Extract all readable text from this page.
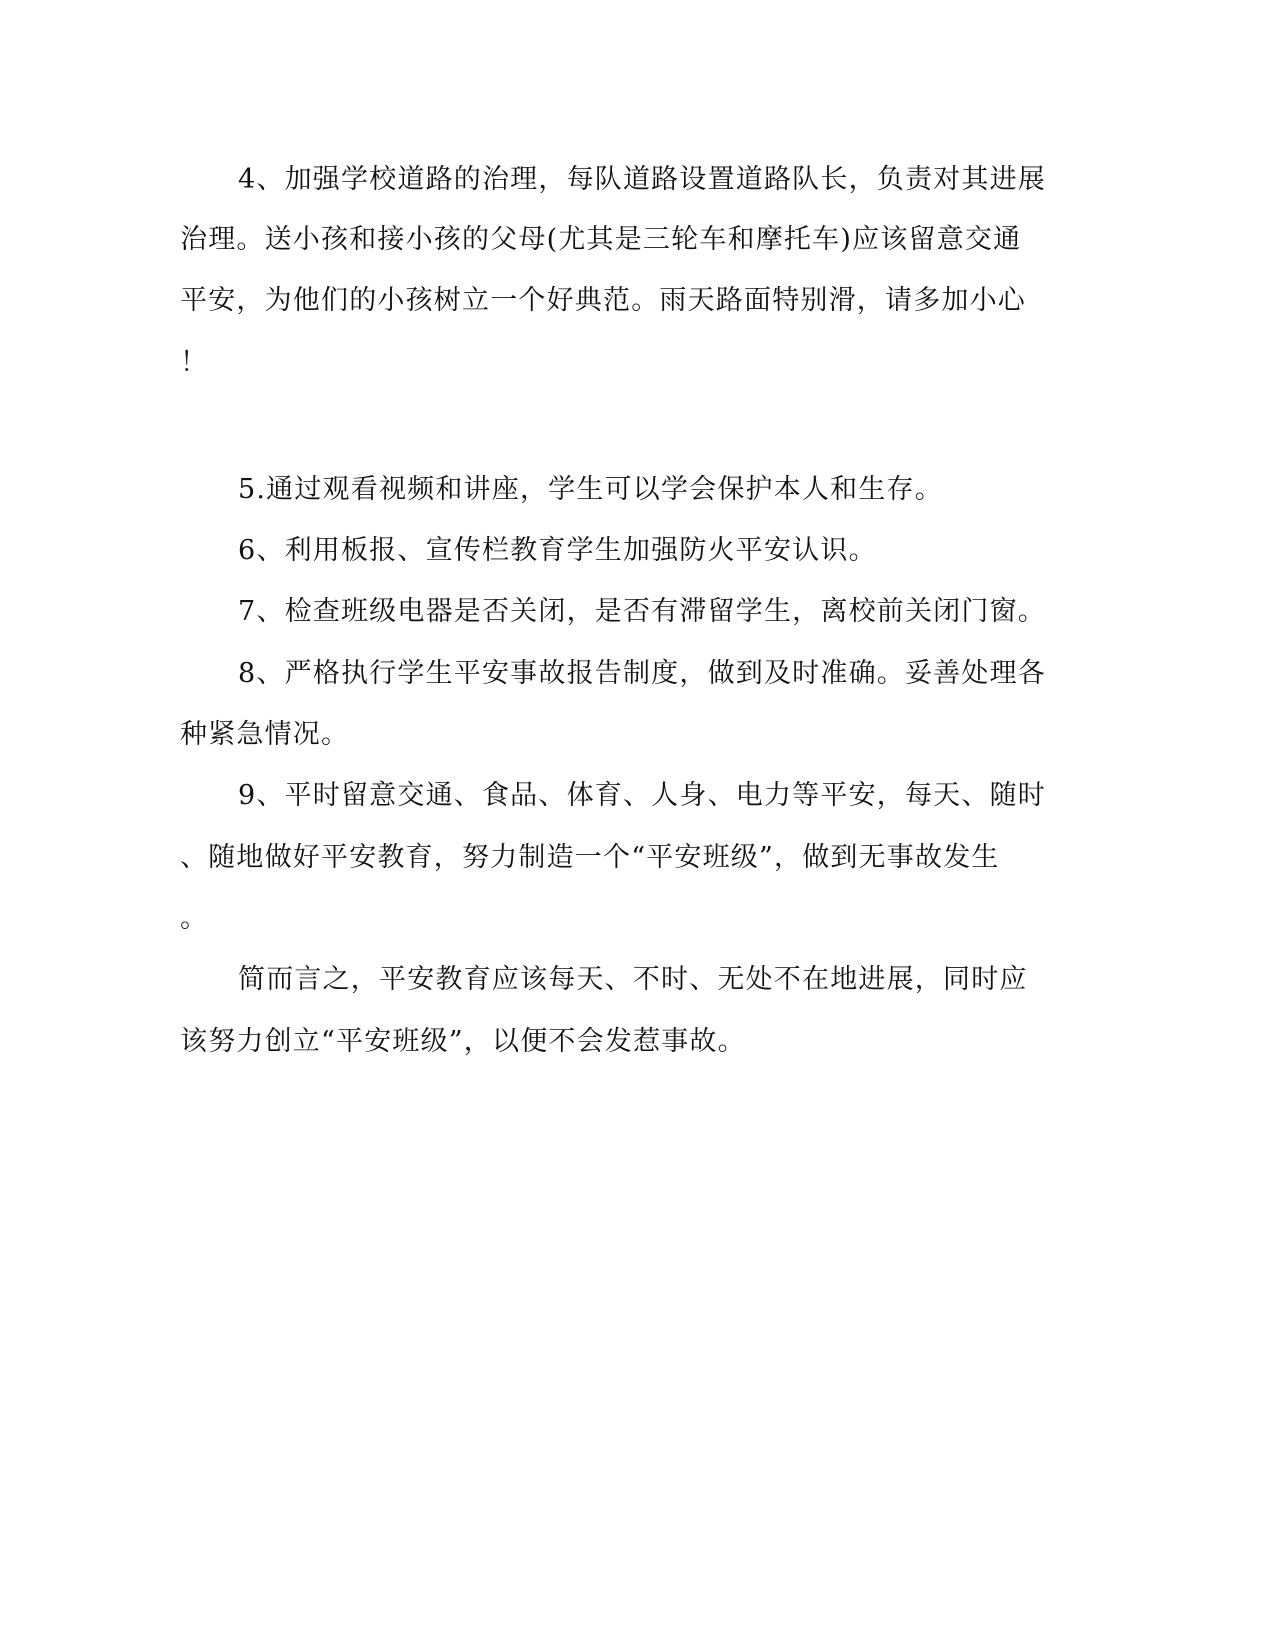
4、加强学校道路的治理，每队道路设置道路队长，负责对其进展
治理。送小孩和接小孩的父母(尤其是三轮车和摩托车)应该留意交通
平安，为他们的小孩树立一个好典范。雨天路面特别滑，请多加小心
！
5.通过观看视频和讲座，学生可以学会保护本人和生存。
6、利用板报、宣传栏教育学生加强防火平安认识。
7、检查班级电器是否关闭，是否有滞留学生，离校前关闭门窗。
8、严格执行学生平安事故报告制度，做到及时准确。妥善处理各
种紧急情况。
9、平时留意交通、食品、体育、人身、电力等平安，每天、随时
、随地做好平安教育，努力制造一个“平安班级”，做到无事故发生
。
简而言之，平安教育应该每天、不时、无处不在地进展，同时应
该努力创立“平安班级”，以便不会发惹事故。
